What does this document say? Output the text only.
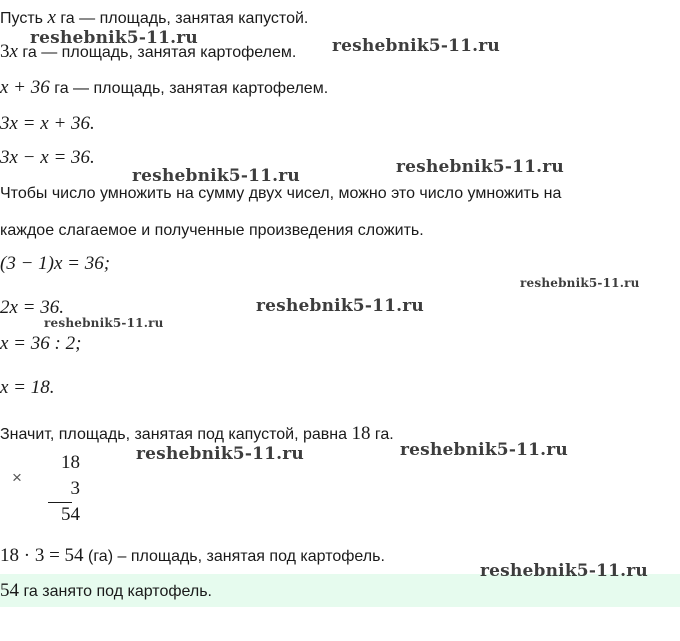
Пусть x га — площадь, занятая капустой.
3x га — площадь, занятая картофелем.
x + 36 га — площадь, занятая картофелем.
3x = x + 36.
3x − x = 36.
Чтобы число умножить на сумму двух чисел, можно это число умножить на
каждое слагаемое и полученные произведения сложить.
(3 − 1)x = 36;
2x = 36.
x = 36 : 2;
x = 18.
Значит, площадь, занятая под капустой, равна 18 га.
×
18
3
54
18 · 3 = 54 (га) – площадь, занятая под картофель.
54 га занято под картофель.
reshebnik5-11.ru	reshebnik5-11.ru
reshebnik5-11.ru	reshebnik5-11.ru
reshebnik5-11.ru
reshebnik5-11.ru
reshebnik5-11.ru
reshebnik5-11.ru	reshebnik5-11.ru
reshebnik5-11.ru
